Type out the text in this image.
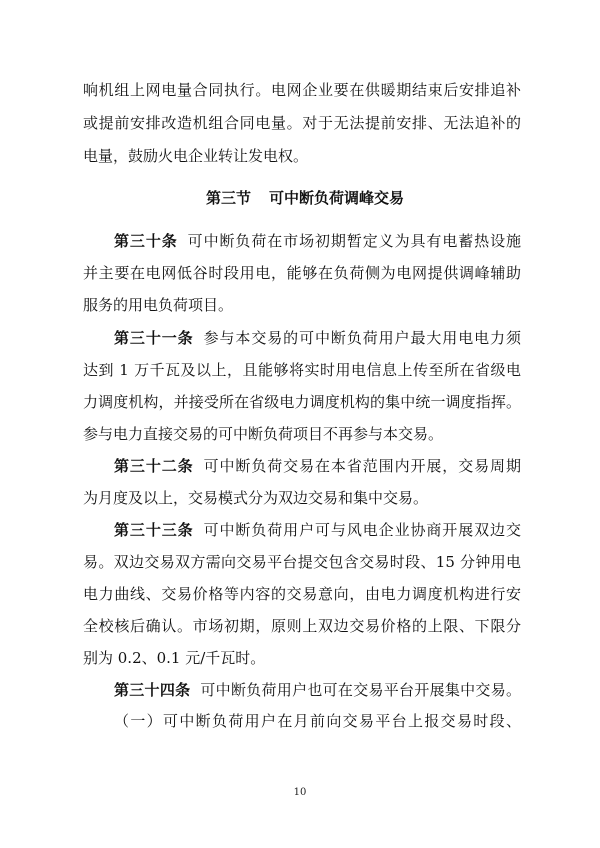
响机组上网电量合同执行。电网企业要在供暖期结束后安排追补
或提前安排改造机组合同电量。对于无法提前安排、无法追补的
电量，鼓励火电企业转让发电权。
第三节 可中断负荷调峰交易
第三十条 可中断负荷在市场初期暂定义为具有电蓄热设施
并主要在电网低谷时段用电，能够在负荷侧为电网提供调峰辅助
服务的用电负荷项目。
第三十一条 参与本交易的可中断负荷用户最大用电电力须
达到 1 万千瓦及以上，且能够将实时用电信息上传至所在省级电
力调度机构，并接受所在省级电力调度机构的集中统一调度指挥。
参与电力直接交易的可中断负荷项目不再参与本交易。
第三十二条 可中断负荷交易在本省范围内开展，交易周期
为月度及以上，交易模式分为双边交易和集中交易。
第三十三条 可中断负荷用户可与风电企业协商开展双边交
易。双边交易双方需向交易平台提交包含交易时段、15 分钟用电
电力曲线、交易价格等内容的交易意向，由电力调度机构进行安
全校核后确认。市场初期，原则上双边交易价格的上限、下限分
别为 0.2、0.1 元/千瓦时。
第三十四条 可中断负荷用户也可在交易平台开展集中交易。
（一）可中断负荷用户在月前向交易平台上报交易时段、
10
